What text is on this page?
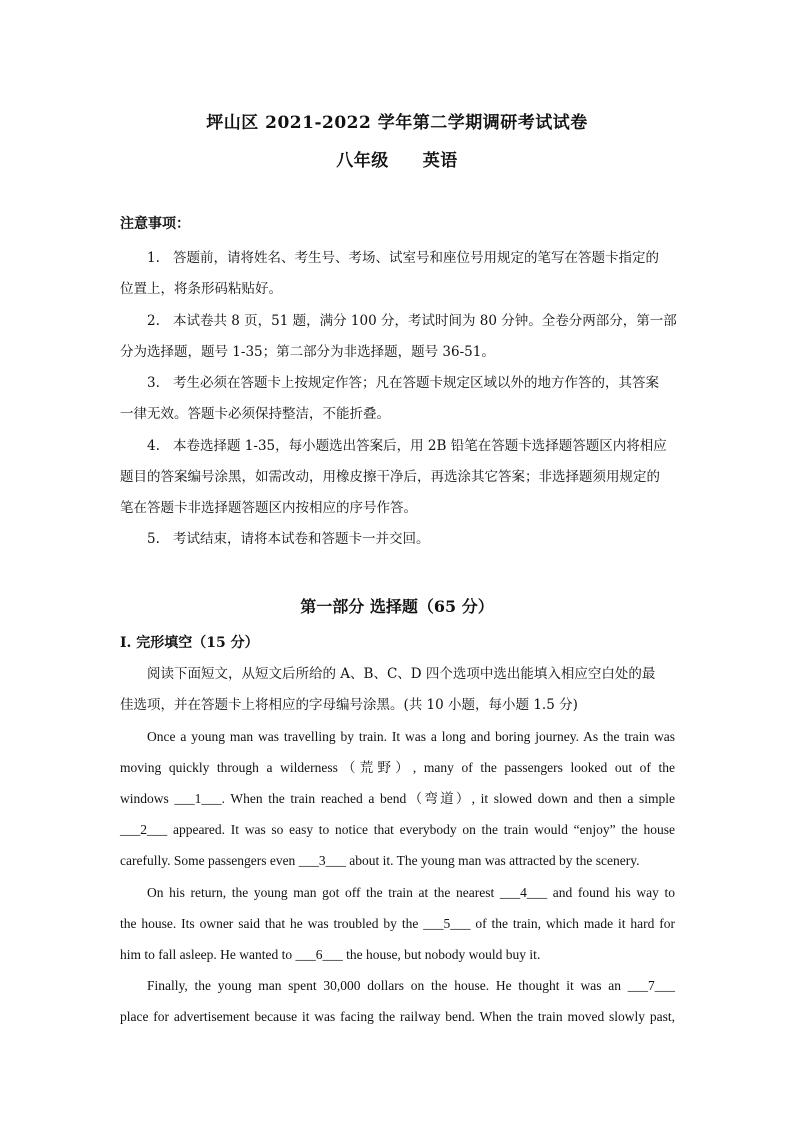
坪山区 2021-2022 学年第二学期调研考试试卷
八年级 英语
注意事项：
1. 答题前，请将姓名、考生号、考场、试室号和座位号用规定的笔写在答题卡指定的
位置上，将条形码粘贴好。
2. 本试卷共 8 页，51 题，满分 100 分，考试时间为 80 分钟。全卷分两部分，第一部
分为选择题，题号 1-35；第二部分为非选择题，题号 36-51。
3. 考生必须在答题卡上按规定作答；凡在答题卡规定区域以外的地方作答的，其答案
一律无效。答题卡必须保持整洁，不能折叠。
4. 本卷选择题 1-35，每小题选出答案后，用 2B 铅笔在答题卡选择题答题区内将相应
题目的答案编号涂黑，如需改动，用橡皮擦干净后，再选涂其它答案；非选择题须用规定的
笔在答题卡非选择题答题区内按相应的序号作答。
5. 考试结束，请将本试卷和答题卡一并交回。
第一部分 选择题（65 分）
I. 完形填空（15 分）
阅读下面短文，从短文后所给的 A、B、C、D 四个选项中选出能填入相应空白处的最
佳选项，并在答题卡上将相应的字母编号涂黑。(共 10 小题，每小题 1.5 分)
Once a young man was travelling by train. It was a long and boring journey. As the train was
moving quickly through a wilderness（荒野）, many of the passengers looked out of the
windows ___1___. When the train reached a bend（弯道）, it slowed down and then a simple
___2___ appeared. It was so easy to notice that everybody on the train would “enjoy” the house
carefully. Some passengers even ___3___ about it. The young man was attracted by the scenery.
On his return, the young man got off the train at the nearest ___4___ and found his way to
the house. Its owner said that he was troubled by the ___5___ of the train, which made it hard for
him to fall asleep. He wanted to ___6___ the house, but nobody would buy it.
Finally, the young man spent 30,000 dollars on the house. He thought it was an ___7___
place for advertisement because it was facing the railway bend. When the train moved slowly past,
